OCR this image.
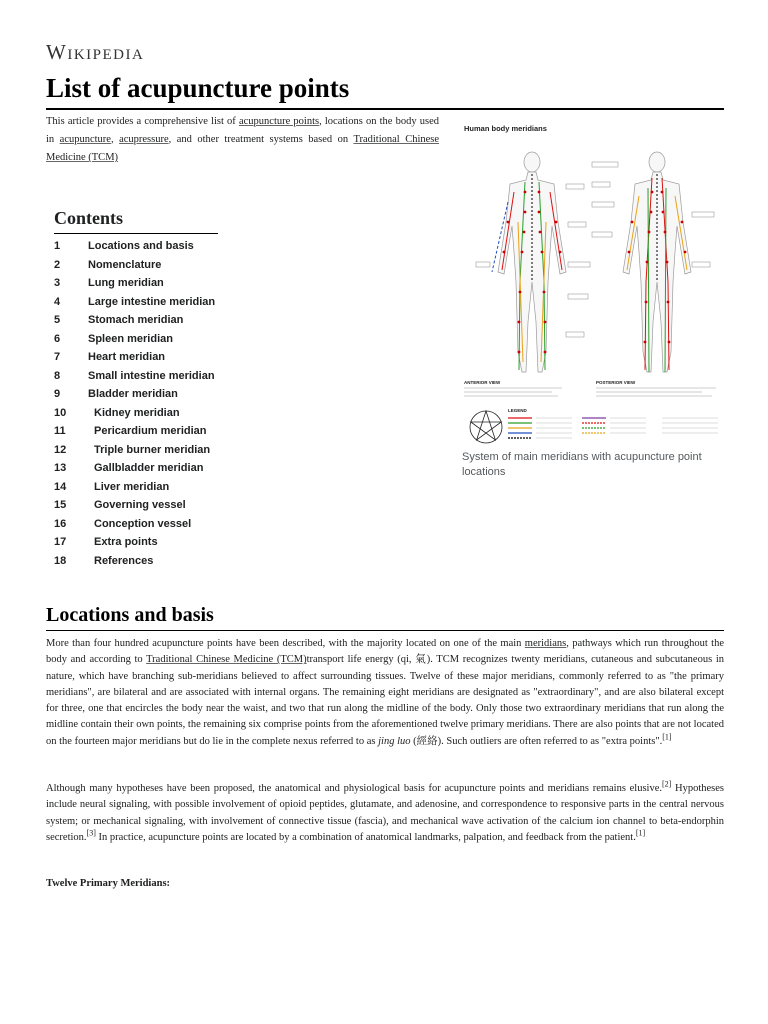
Wikipedia
List of acupuncture points
This article provides a comprehensive list of acupuncture points, locations on the body used in acupuncture, acupressure, and other treatment systems based on Traditional Chinese Medicine (TCM)
Contents
1	Locations and basis
2	Nomenclature
3	Lung meridian
4	Large intestine meridian
5	Stomach meridian
6	Spleen meridian
7	Heart meridian
8	Small intestine meridian
9	Bladder meridian
10	Kidney meridian
11	Pericardium meridian
12	Triple burner meridian
13	Gallbladder meridian
14	Liver meridian
15	Governing vessel
16	Conception vessel
17	Extra points
18	References
Human body meridians
ANTERIOR VIEW	POSTERIOR VIEW
LEGEND
System of main meridians with acupuncture point locations
Locations and basis

More than four hundred acupuncture points have been described, with the majority located on one of the main meridians, pathways which run throughout the body and according to Traditional Chinese Medicine (TCM)transport life energy (qi, 氣). TCM recognizes twenty meridians, cutaneous and subcutaneous in nature, which have branching sub-meridians believed to affect surrounding tissues. Twelve of these major meridians, commonly referred to as "the primary meridians", are bilateral and are associated with internal organs. The remaining eight meridians are designated as "extraordinary", and are also bilateral except for three, one that encircles the body near the waist, and two that run along the midline of the body. Only those two extraordinary meridians that run along the midline contain their own points, the remaining six comprise points from the aforementioned twelve primary meridians. There are also points that are not located on the fourteen major meridians but do lie in the complete nexus referred to as jing luo (經絡). Such outliers are often referred to as "extra points".[1]

Although many hypotheses have been proposed, the anatomical and physiological basis for acupuncture points and meridians remains elusive.[2] Hypotheses include neural signaling, with possible involvement of opioid peptides, glutamate, and adenosine, and correspondence to responsive parts in the central nervous system; or mechanical signaling, with involvement of connective tissue (fascia), and mechanical wave activation of the calcium ion channel to beta-endorphin secretion.[3] In practice, acupuncture points are located by a combination of anatomical landmarks, palpation, and feedback from the patient.[1]

Twelve Primary Meridians:
